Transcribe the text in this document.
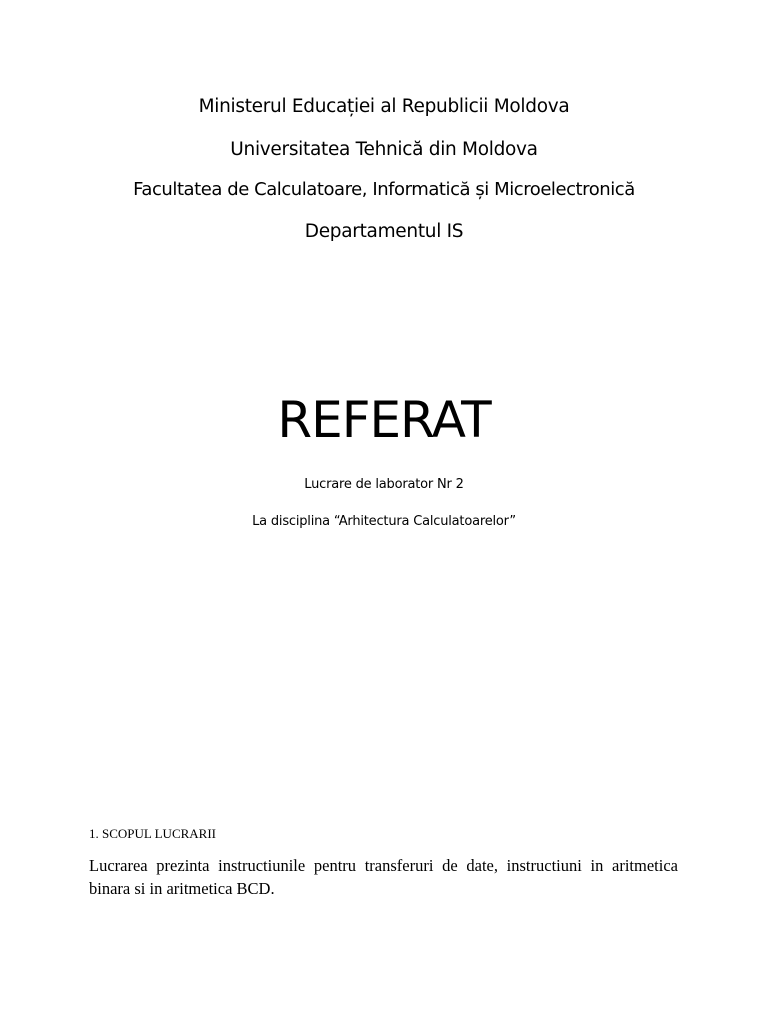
Ministerul Educației al Republicii Moldova
Universitatea Tehnică din Moldova
Facultatea de Calculatoare, Informatică și Microelectronică
Departamentul IS
REFERAT
Lucrare de laborator Nr 2
La disciplina “Arhitectura Calculatoarelor”
1. SCOPUL LUCRARII
Lucrarea prezinta instructiunile pentru transferuri de date, instructiuni in aritmetica binara si in aritmetica BCD.
